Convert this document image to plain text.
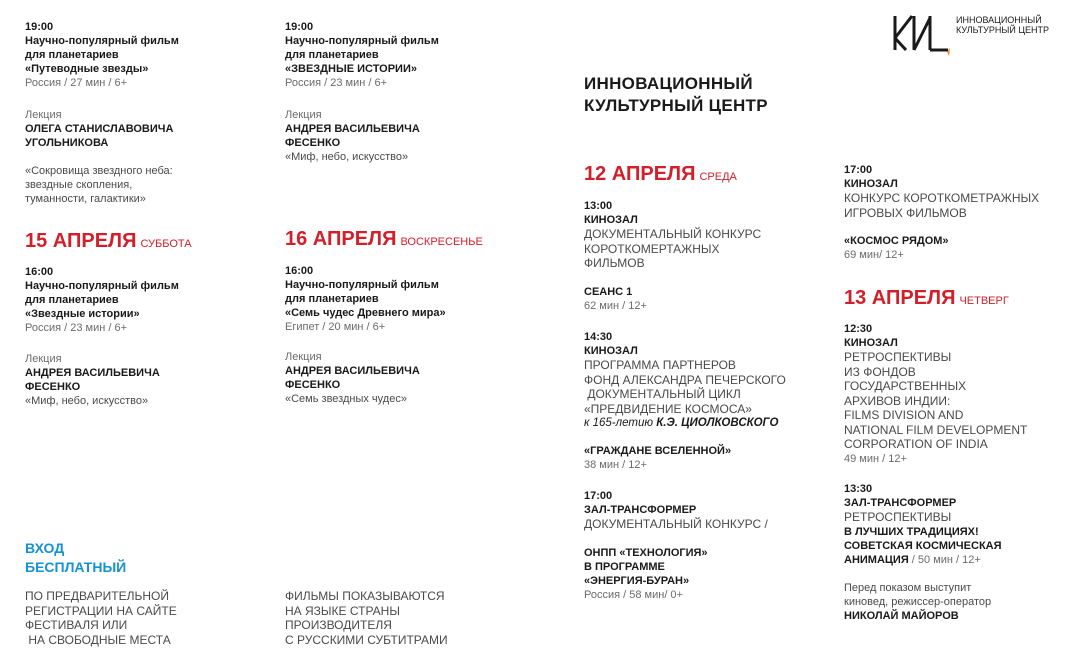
19:00
Научно-популярный фильм
для планетариев
«Путеводные звезды»
Россия / 27 мин / 6+
Лекция
ОЛЕГА СТАНИСЛАВОВИЧА
УГОЛЬНИКОВА
«Сокровища звездного неба:
звездные скопления,
туманности, галактики»
15 АПРЕЛЯ СУББОТА
16:00
Научно-популярный фильм
для планетариев
«Звездные истории»
Россия / 23 мин / 6+
Лекция
АНДРЕЯ ВАСИЛЬЕВИЧА
ФЕСЕНКО
«Миф, небо, искусство»
ВХОД
БЕСПЛАТНЫЙ
ПО ПРЕДВАРИТЕЛЬНОЙ
РЕГИСТРАЦИИ НА САЙТЕ
ФЕСТИВАЛЯ ИЛИ
НА СВОБОДНЫЕ МЕСТА
19:00
Научно-популярный фильм
для планетариев
«ЗВЕЗДНЫЕ ИСТОРИИ»
Россия / 23 мин / 6+
Лекция
АНДРЕЯ ВАСИЛЬЕВИЧА
ФЕСЕНКО
«Миф, небо, искусство»
16 АПРЕЛЯ ВОСКРЕСЕНЬЕ
16:00
Научно-популярный фильм
для планетариев
«Семь чудес Древнего мира»
Египет / 20 мин / 6+
Лекция
АНДРЕЯ ВАСИЛЬЕВИЧА
ФЕСЕНКО
«Семь звездных чудес»
ФИЛЬМЫ ПОКАЗЫВАЮТСЯ
НА ЯЗЫКЕ СТРАНЫ
ПРОИЗВОДИТЕЛЯ
С РУССКИМИ СУБТИТРАМИ
ИННОВАЦИОННЫЙ
КУЛЬТУРНЫЙ ЦЕНТР
ИННОВАЦИОННЫЙ
КУЛЬТУРНЫЙ ЦЕНТР
12 АПРЕЛЯ СРЕДА
13:00
КИНОЗАЛ
ДОКУМЕНТАЛЬНЫЙ КОНКУРС
КОРОТКОМЕРТАЖНЫХ
ФИЛЬМОВ
СЕАНС 1
62 мин / 12+
14:30
КИНОЗАЛ
ПРОГРАММА ПАРТНЕРОВ
ФОНД АЛЕКСАНДРА ПЕЧЕРСКОГО
ДОКУМЕНТАЛЬНЫЙ ЦИКЛ
«ПРЕДВИДЕНИЕ КОСМОСА»
к 165-летию К.Э. ЦИОЛКОВСКОГО
«ГРАЖДАНЕ ВСЕЛЕННОЙ»
38 мин / 12+
17:00
ЗАЛ-ТРАНСФОРМЕР
ДОКУМЕНТАЛЬНЫЙ КОНКУРС /
ОНПП «ТЕХНОЛОГИЯ»
В ПРОГРАММЕ
«ЭНЕРГИЯ-БУРАН»
Россия / 58 мин/ 0+
17:00
КИНОЗАЛ
КОНКУРС КОРОТКОМЕТРАЖНЫХ
ИГРОВЫХ ФИЛЬМОВ
«КОСМОС РЯДОМ»
69 мин/ 12+
13 АПРЕЛЯ ЧЕТВЕРГ
12:30
КИНОЗАЛ
РЕТРОСПЕКТИВЫ
ИЗ ФОНДОВ
ГОСУДАРСТВЕННЫХ
АРХИВОВ ИНДИИ:
FILMS DIVISION AND
NATIONAL FILM DEVELOPMENT
CORPORATION OF INDIA
49 мин / 12+
13:30
ЗАЛ-ТРАНСФОРМЕР
РЕТРОСПЕКТИВЫ
В ЛУЧШИХ ТРАДИЦИЯХ!
СОВЕТСКАЯ КОСМИЧЕСКАЯ
АНИМАЦИЯ / 50 мин / 12+
Перед показом выступит
киновед, режиссер-оператор
НИКОЛАЙ МАЙОРОВ
